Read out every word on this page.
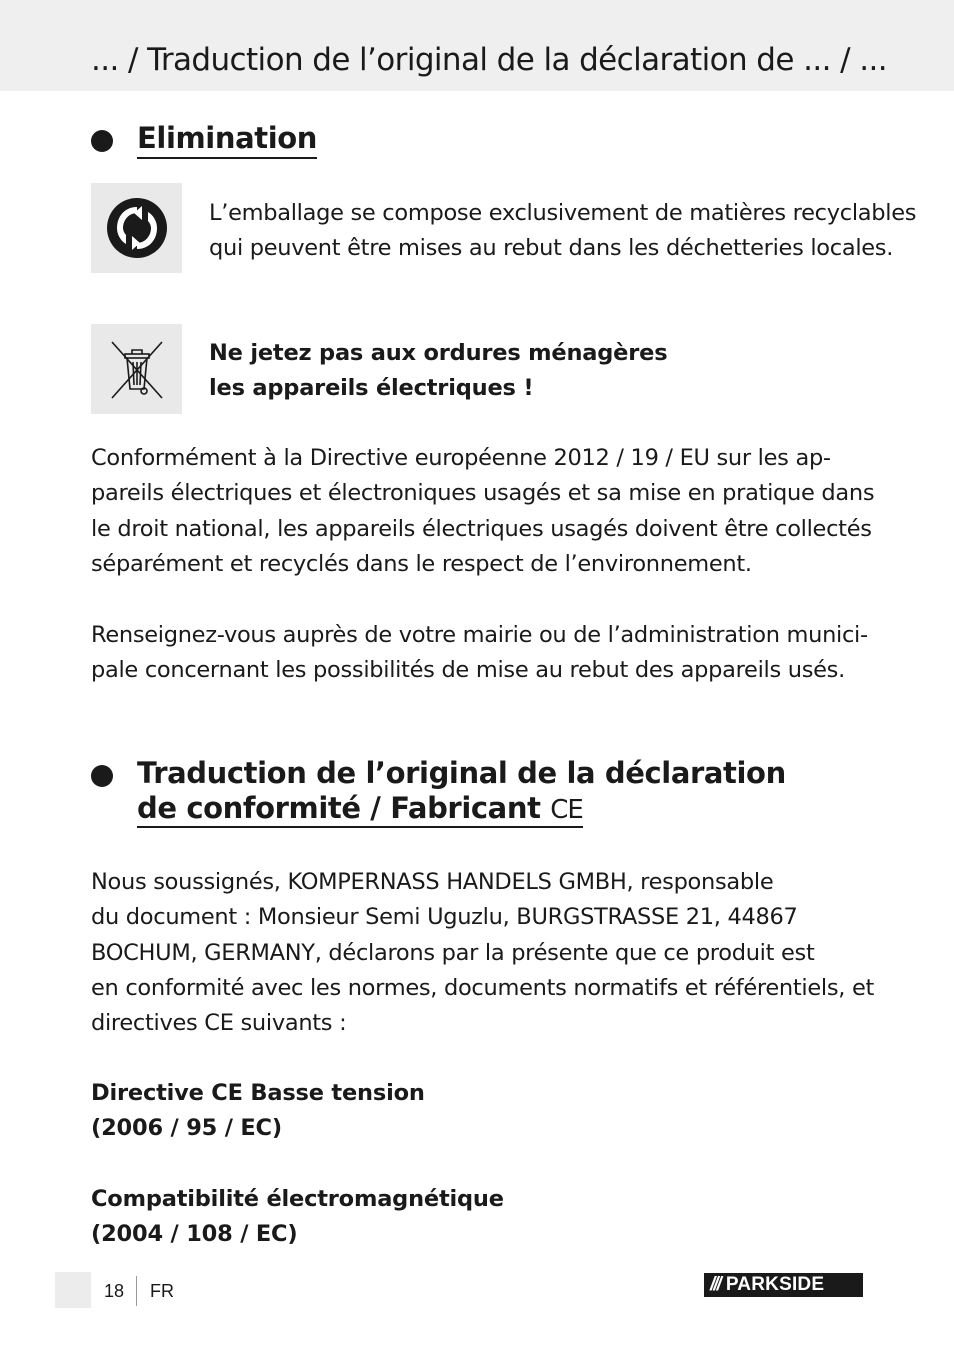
... / Traduction de l’original de la déclaration de ... / ...
Elimination
L’emballage se compose exclusivement de matières recyclables
qui peuvent être mises au rebut dans les déchetteries locales.
Ne jetez pas aux ordures ménagères
les appareils électriques !
Conformément à la Directive européenne 2012 / 19 / EU sur les ap-
pareils électriques et électroniques usagés et sa mise en pratique dans
le droit national, les appareils électriques usagés doivent être collectés
séparément et recyclés dans le respect de l’environnement.
Renseignez-vous auprès de votre mairie ou de l’administration munici-
pale concernant les possibilités de mise au rebut des appareils usés.
Traduction de l’original de la déclaration
de conformité / Fabricant CE
Nous soussignés, KOMPERNASS HANDELS GMBH, responsable
du document : Monsieur Semi Uguzlu, BURGSTRASSE 21, 44867
BOCHUM, GERMANY, déclarons par la présente que ce produit est
en conformité avec les normes, documents normatifs et référentiels, et
directives CE suivants :
Directive CE Basse tension
(2006 / 95 / EC)
Compatibilité électromagnétique
(2004 / 108 / EC)
18 FR	/// PARKSIDE
